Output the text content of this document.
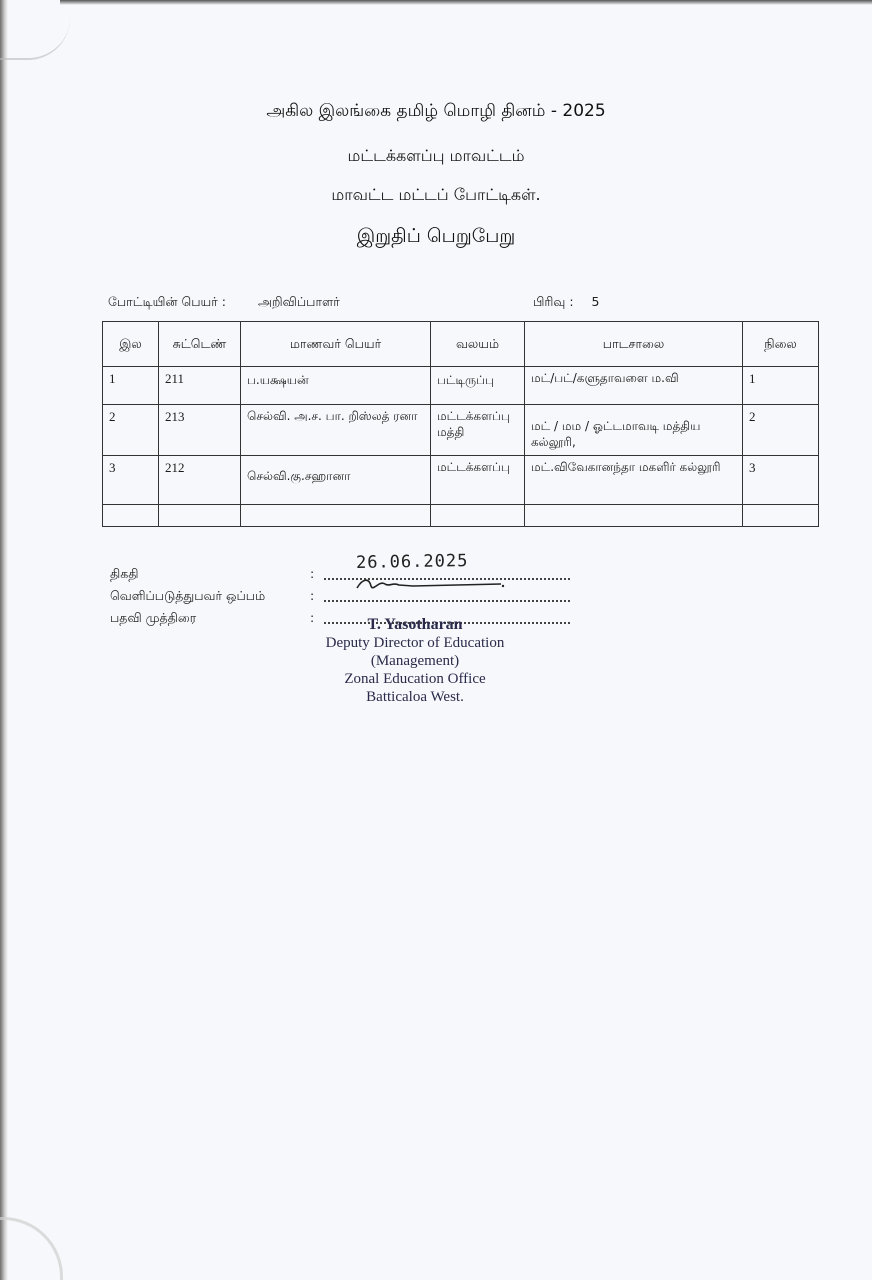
அகில இலங்கை தமிழ் மொழி தினம் - 2025
மட்டக்களப்பு மாவட்டம்
மாவட்ட மட்டப் போட்டிகள்.
இறுதிப் பெறுபேறு
போட்டியின் பெயர் :	அறிவிப்பாளர்	பிரிவு : 5
இல	சுட்டெண்	மாணவர் பெயர்	வலயம்	பாடசாலை	நிலை
1	211	ப.யக்ஷயன்	பட்டிருப்பு	மட்/பட்/களுதாவளை ம.வி	1
2	213	செல்வி. அ.ச. பா. றிஸ்லத் ரனா	மட்டக்களப்பு மத்தி	மட் / மம / ஓட்டமாவடி மத்திய கல்லூரி,	2
3	212	செல்வி.கு.சஹானா	மட்டக்களப்பு	மட்.விவேகானந்தா மகளிர் கல்லூரி	3

திகதி	:
வெளிப்படுத்துபவர் ஒப்பம்	:
பதவி முத்திரை	:
26.06.2025
T. Yasotharan
Deputy Director of Education
(Management)
Zonal Education Office
Batticaloa West.
